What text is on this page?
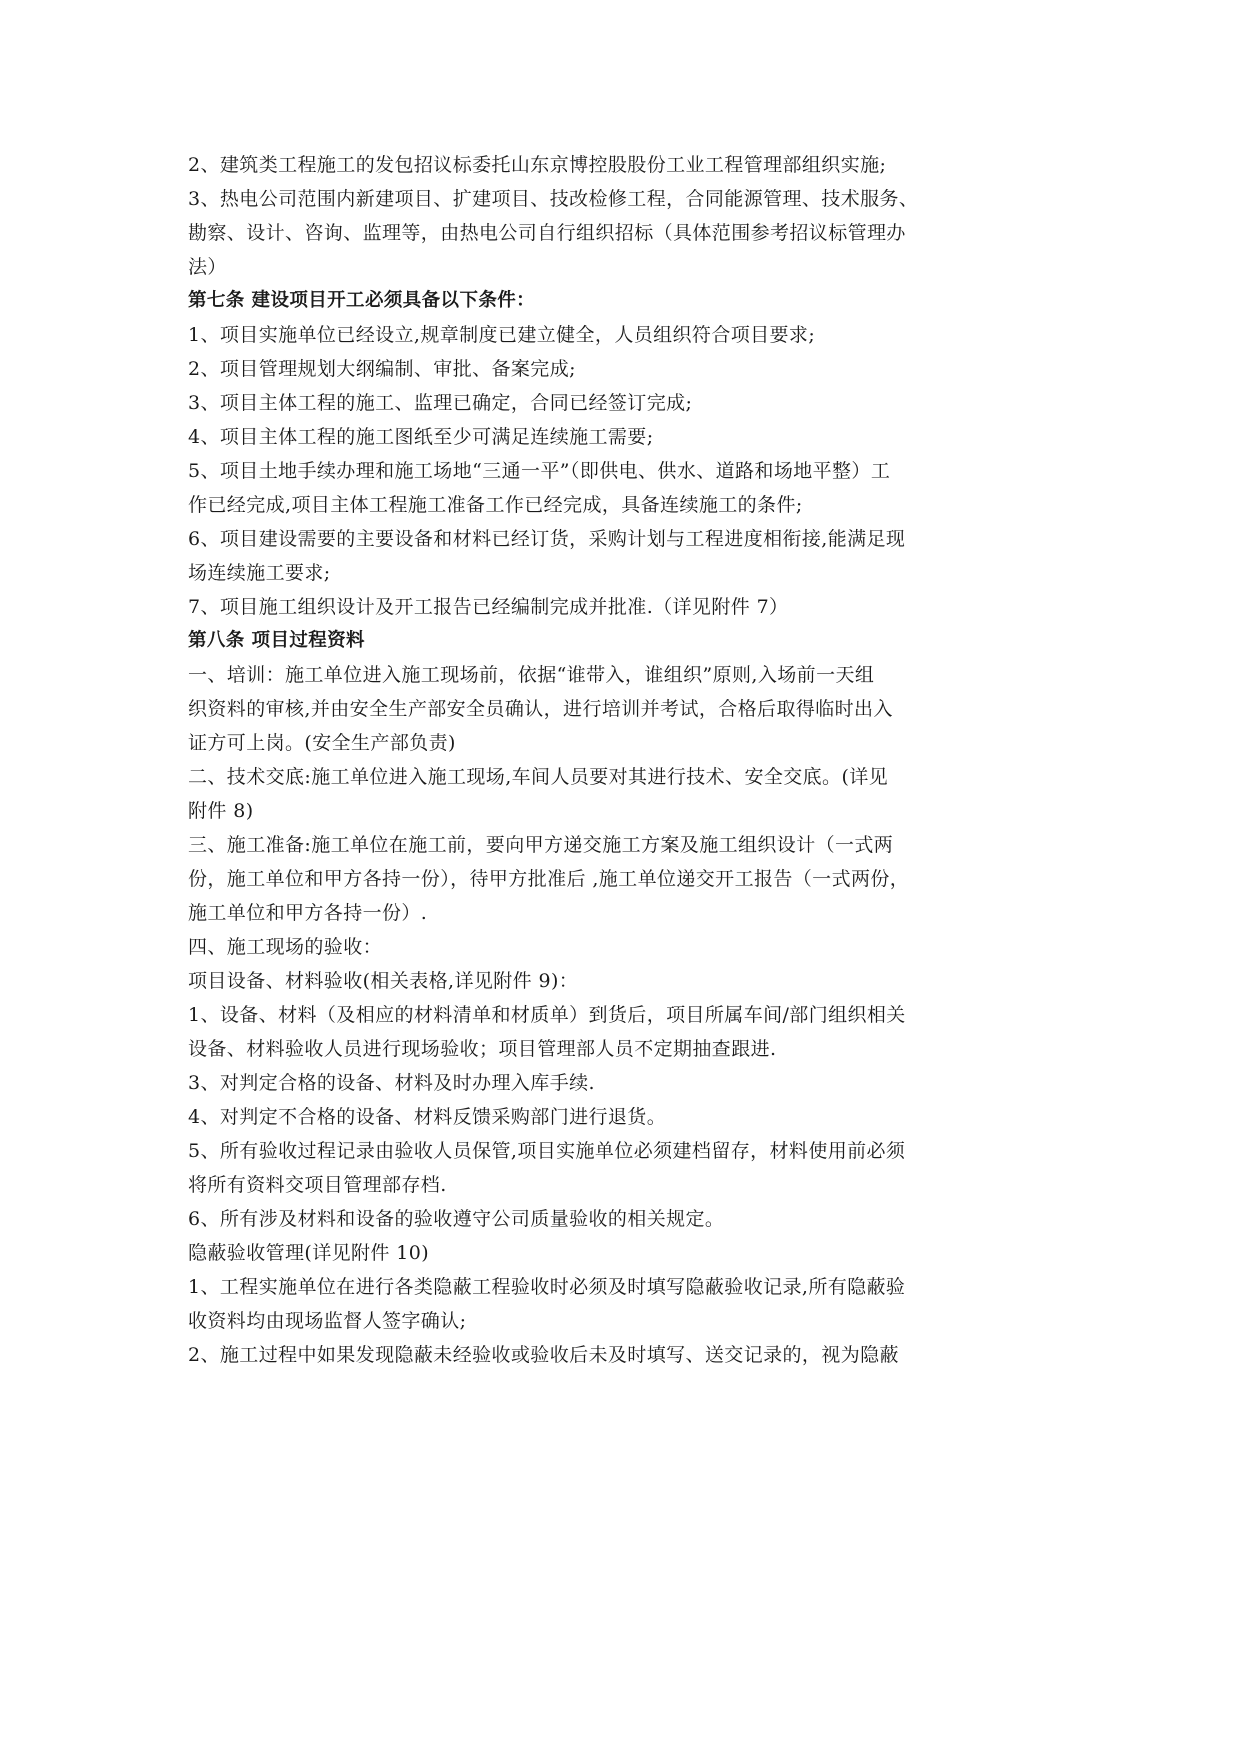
2、建筑类工程施工的发包招议标委托山东京博控股股份工业工程管理部组织实施;
3、热电公司范围内新建项目、扩建项目、技改检修工程，合同能源管理、技术服务、
勘察、设计、咨询、监理等，由热电公司自行组织招标（具体范围参考招议标管理办
法）
第七条 建设项目开工必须具备以下条件：
1、项目实施单位已经设立,规章制度已建立健全，人员组织符合项目要求;
2、项目管理规划大纲编制、审批、备案完成;
3、项目主体工程的施工、监理已确定，合同已经签订完成;
4、项目主体工程的施工图纸至少可满足连续施工需要;
5、项目土地手续办理和施工场地“三通一平”（即供电、供水、道路和场地平整）工
作已经完成,项目主体工程施工准备工作已经完成，具备连续施工的条件;
6、项目建设需要的主要设备和材料已经订货，采购计划与工程进度相衔接,能满足现
场连续施工要求;
7、项目施工组织设计及开工报告已经编制完成并批准.（详见附件 7）
第八条 项目过程资料
一、培训：施工单位进入施工现场前，依据“谁带入，谁组织”原则,入场前一天组
织资料的审核,并由安全生产部安全员确认，进行培训并考试，合格后取得临时出入
证方可上岗。(安全生产部负责)
二、技术交底:施工单位进入施工现场,车间人员要对其进行技术、安全交底。(详见
附件 8)
三、施工准备:施工单位在施工前，要向甲方递交施工方案及施工组织设计（一式两
份，施工单位和甲方各持一份），待甲方批准后 ,施工单位递交开工报告（一式两份，
施工单位和甲方各持一份）.
四、施工现场的验收：
项目设备、材料验收(相关表格,详见附件 9)：
1、设备、材料（及相应的材料清单和材质单）到货后，项目所属车间/部门组织相关
设备、材料验收人员进行现场验收；项目管理部人员不定期抽查跟进.
3、对判定合格的设备、材料及时办理入库手续.
4、对判定不合格的设备、材料反馈采购部门进行退货。
5、所有验收过程记录由验收人员保管,项目实施单位必须建档留存，材料使用前必须
将所有资料交项目管理部存档.
6、所有涉及材料和设备的验收遵守公司质量验收的相关规定。
隐蔽验收管理(详见附件 10)
1、工程实施单位在进行各类隐蔽工程验收时必须及时填写隐蔽验收记录,所有隐蔽验
收资料均由现场监督人签字确认;
2、施工过程中如果发现隐蔽未经验收或验收后未及时填写、送交记录的，视为隐蔽
